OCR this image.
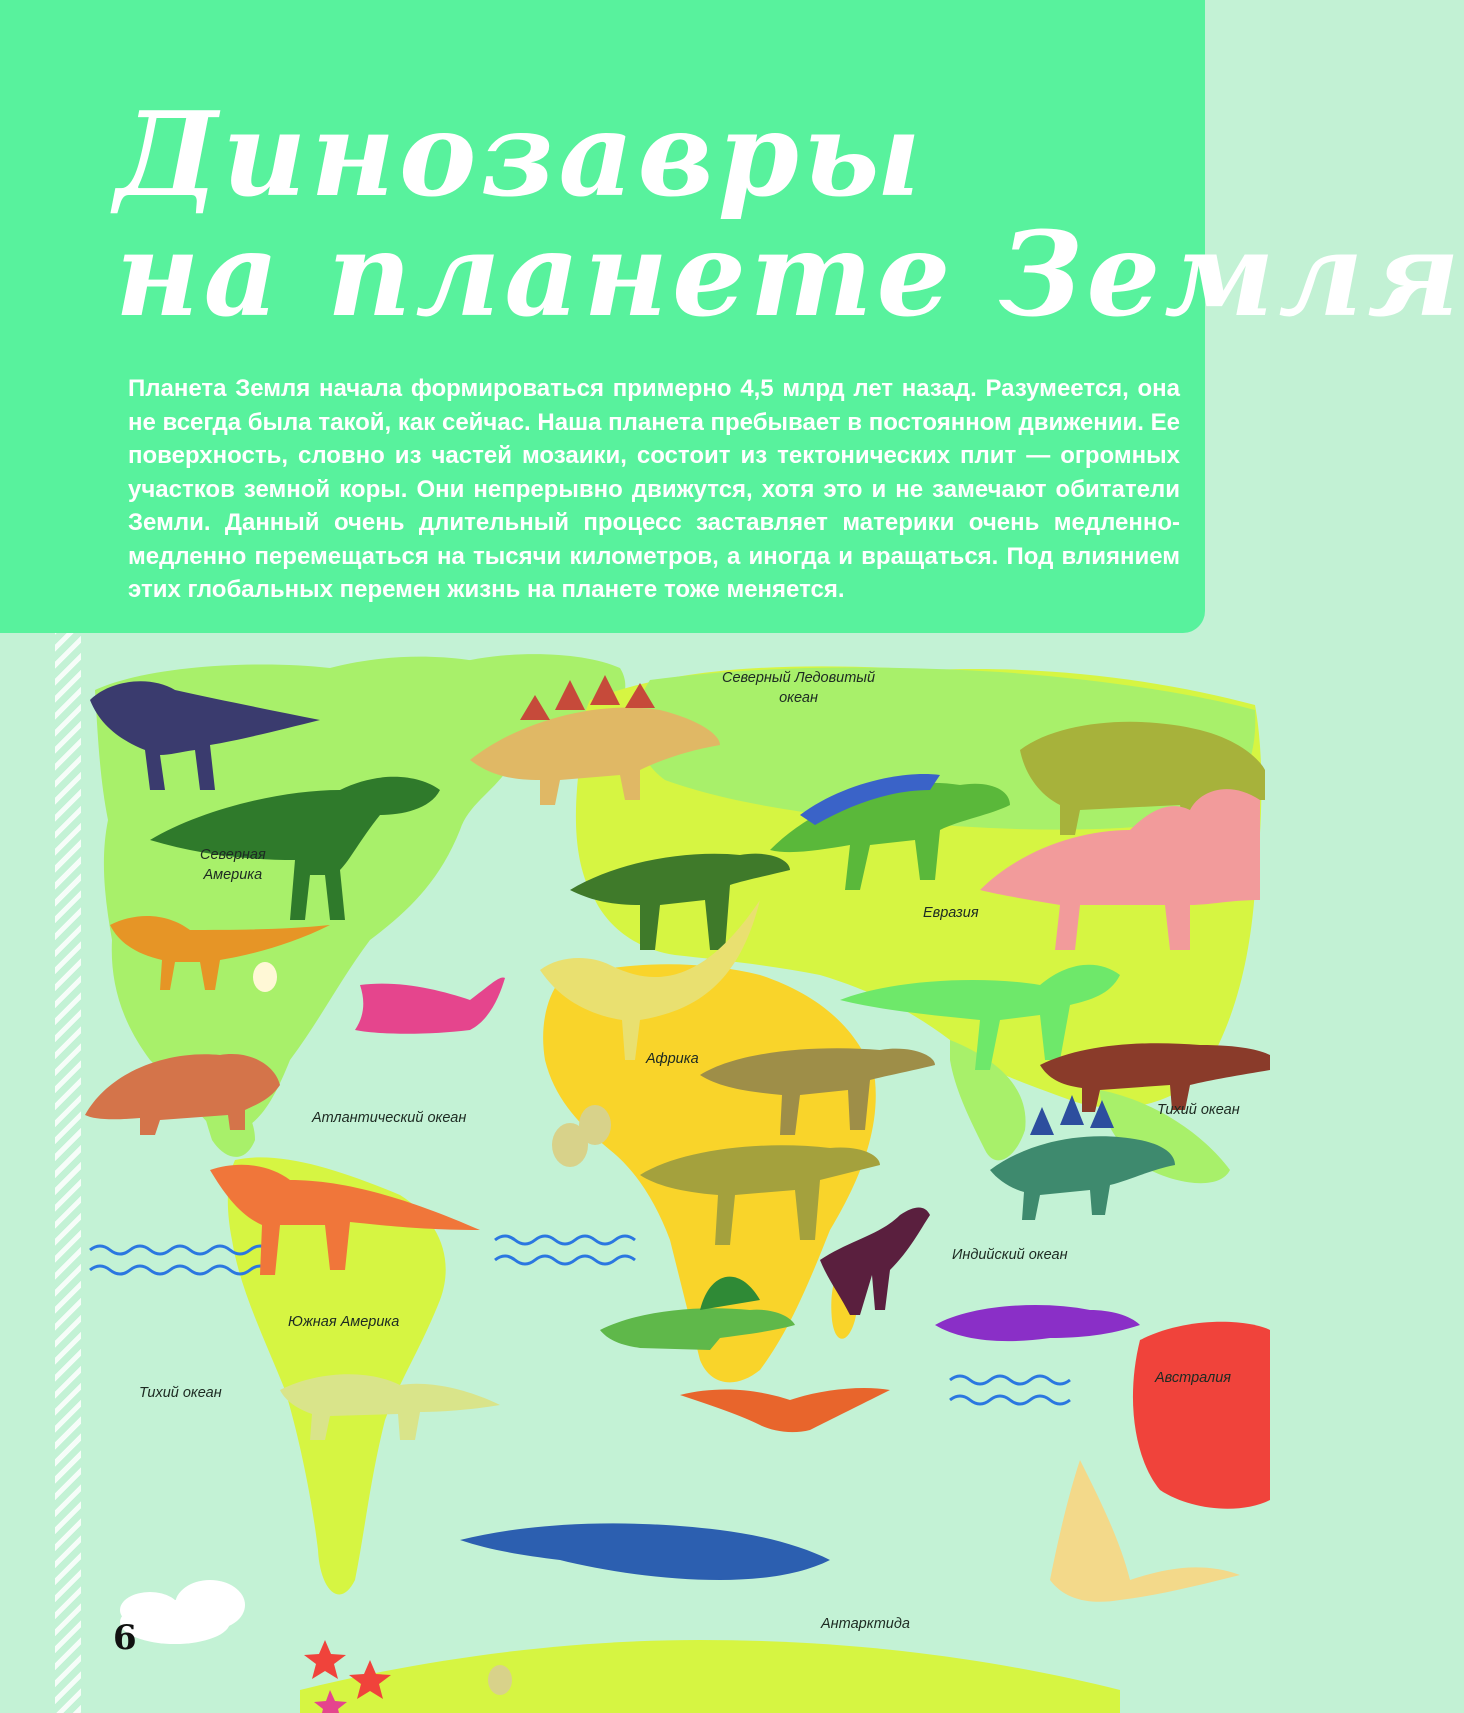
Динозавры
на планете Земля

Планета Земля начала формироваться примерно 4,5 млрд лет назад. Разумеется, она не всегда была такой, как сейчас. Наша планета пребывает в постоянном движении. Ее поверхность, словно из частей мозаики, состоит из тектонических плит — огромных участков земной коры. Они непрерывно движутся, хотя это и не замечают обитатели Земли. Данный очень длительный процесс заставляет материки очень медленно-медленно перемещаться на тысячи километров, а иногда и вращаться. Под влиянием этих глобальных перемен жизнь на планете тоже меняется.

Северный Ледовитый
океан
Северная
Америка
Евразия
Африка
Атлантический океан	Тихий океан
Индийский океан
Южная Америка
Тихий океан
Австралия
Антарктида
6
